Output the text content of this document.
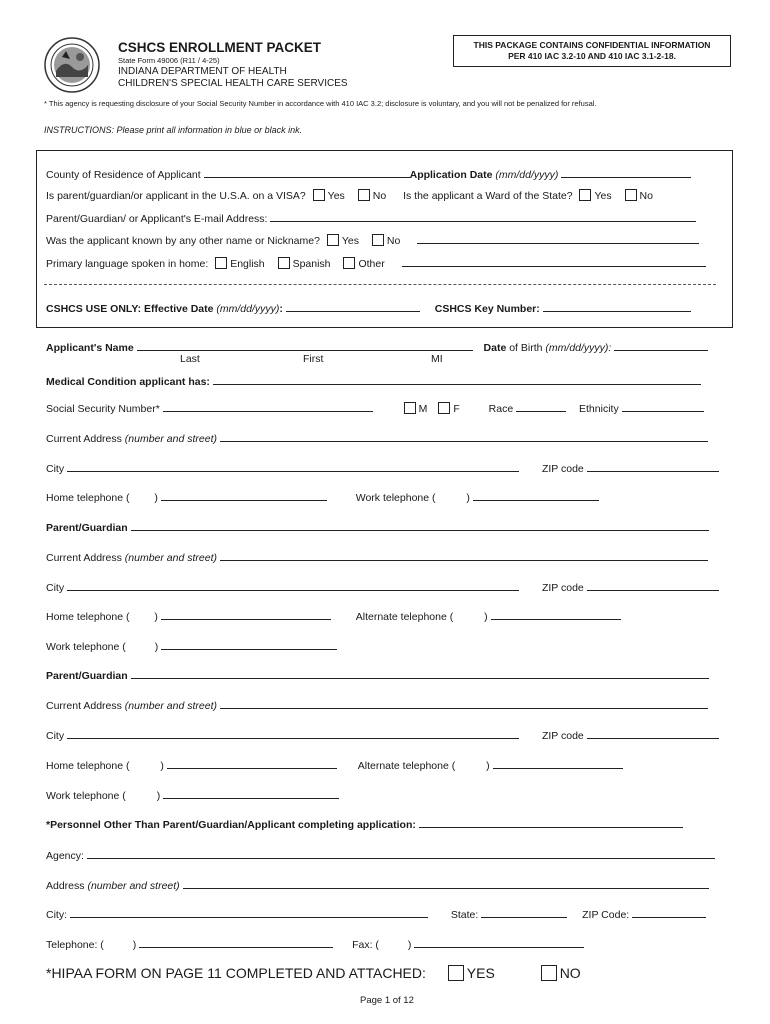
CSHCS ENROLLMENT PACKET
State Form 49006 (R11 / 4-25)
INDIANA DEPARTMENT OF HEALTH
CHILDREN'S SPECIAL HEALTH CARE SERVICES
THIS PACKAGE CONTAINS CONFIDENTIAL INFORMATION
PER 410 IAC 3.2-10 AND 410 IAC 3.1-2-18.
* This agency is requesting disclosure of your Social Security Number in accordance with 410 IAC 3.2; disclosure is voluntary, and you will not be penalized for refusal.
INSTRUCTIONS: Please print all information in blue or black ink.
County of Residence of Applicant	Application Date (mm/dd/yyyy)
Is parent/guardian/or applicant in the U.S.A. on a VISA? Yes	No Is the applicant a Ward of the State? Yes	No
Parent/Guardian/ or Applicant's E-mail Address:
Was the applicant known by any other name or Nickname? Yes	No
Primary language spoken in home: English	Spanish	Other
CSHCS USE ONLY: Effective Date (mm/dd/yyyy):	CSHCS Key Number:
Applicant's Name	Date of Birth (mm/dd/yyyy):
Last	First	MI
Medical Condition applicant has:
Social Security Number*	M F	Race	Ethnicity
Current Address (number and street)
City	ZIP code
Home telephone ( )	Work telephone (	)
Parent/Guardian
Current Address (number and street)
City	ZIP code
Home telephone ( )	Alternate telephone (	)
Work telephone (	)
Parent/Guardian
Current Address (number and street)
City	ZIP code
Home telephone (	)	Alternate telephone (	)
Work telephone (	)
*Personnel Other Than Parent/Guardian/Applicant completing application:
Agency:
Address (number and street)
City:	State:	ZIP Code:
Telephone: (	)	Fax: (	)
*HIPAA FORM ON PAGE 11 COMPLETED AND ATTACHED:	YES	NO
Page 1 of 12
